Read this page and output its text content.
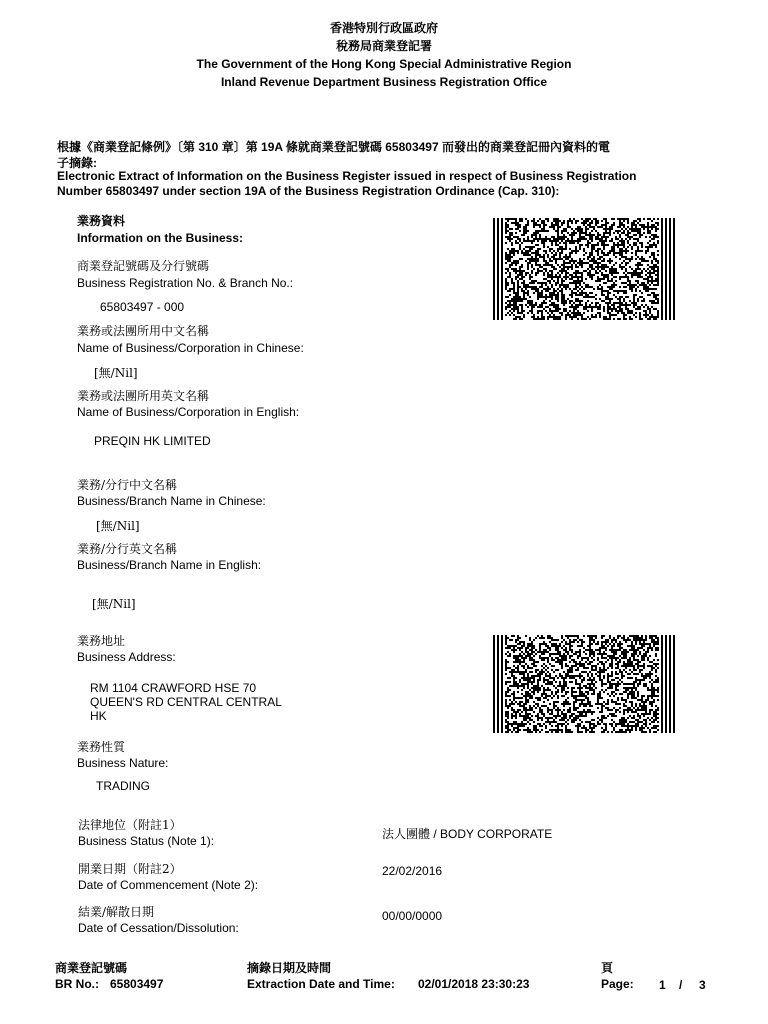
香港特別行政區政府
稅務局商業登記署
The Government of the Hong Kong Special Administrative Region
Inland Revenue Department Business Registration Office
根據《商業登記條例》〔第 310 章〕第 19A 條就商業登記號碼 65803497 而發出的商業登記冊內資料的電
子摘錄:
Electronic Extract of Information on the Business Register issued in respect of Business Registration
Number 65803497 under section 19A of the Business Registration Ordinance (Cap. 310):
業務資料
Information on the Business:
商業登記號碼及分行號碼
Business Registration No. & Branch No.:
65803497 - 000
業務或法團所用中文名稱
Name of Business/Corporation in Chinese:
[無/Nil]
業務或法團所用英文名稱
Name of Business/Corporation in English:
PREQIN HK LIMITED
業務/分行中文名稱
Business/Branch Name in Chinese:
[無/Nil]
業務/分行英文名稱
Business/Branch Name in English:
[無/Nil]
業務地址
Business Address:
RM 1104 CRAWFORD HSE 70
QUEEN'S RD CENTRAL CENTRAL
HK
業務性質
Business Nature:
TRADING
法律地位（附註1）
Business Status (Note 1):	法人團體 / BODY CORPORATE
開業日期（附註2）
Date of Commencement (Note 2):
22/02/2016
結業/解散日期
Date of Cessation/Dissolution:
00/00/0000
商業登記號碼
BR No.: 65803497
摘錄日期及時間
Extraction Date and Time: 02/01/2018 23:30:23
頁
Page: 1 / 3
